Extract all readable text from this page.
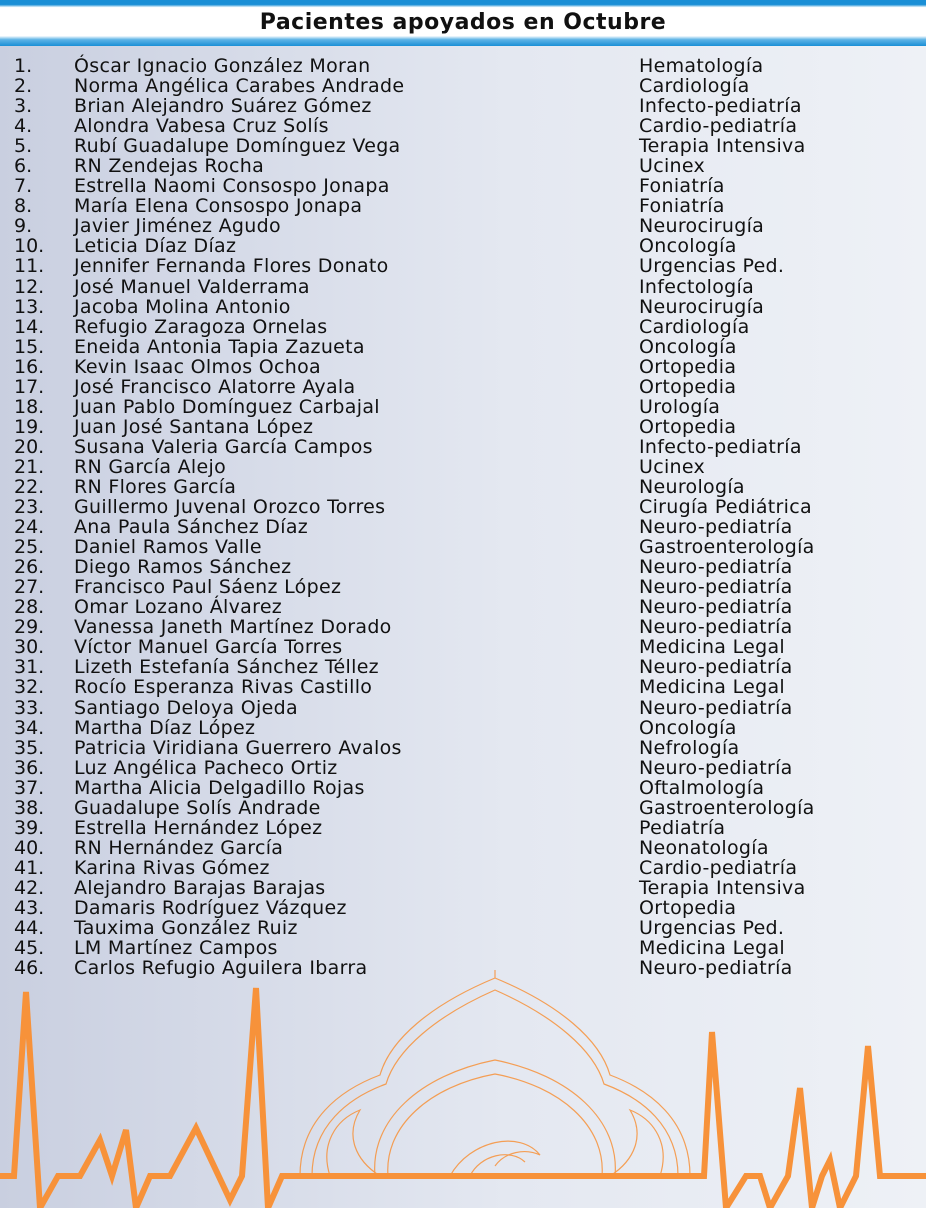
Pacientes apoyados en Octubre
1. Óscar Ignacio González Moran	Hematología
2. Norma Angélica Carabes Andrade	Cardiología
3. Brian Alejandro Suárez Gómez	Infecto-pediatría
4. Alondra Vabesa Cruz Solís	Cardio-pediatría
5. Rubí Guadalupe Domínguez Vega	Terapia Intensiva
6. RN Zendejas Rocha	Ucinex
7. Estrella Naomi Consospo Jonapa	Foniatría
8. María Elena Consospo Jonapa	Foniatría
9. Javier Jiménez Agudo	Neurocirugía
10. Leticia Díaz Díaz	Oncología
11. Jennifer Fernanda Flores Donato	Urgencias Ped.
12. José Manuel Valderrama	Infectología
13. Jacoba Molina Antonio	Neurocirugía
14. Refugio Zaragoza Ornelas	Cardiología
15. Eneida Antonia Tapia Zazueta	Oncología
16. Kevin Isaac Olmos Ochoa	Ortopedia
17. José Francisco Alatorre Ayala	Ortopedia
18. Juan Pablo Domínguez Carbajal	Urología
19. Juan José Santana López	Ortopedia
20. Susana Valeria García Campos	Infecto-pediatría
21. RN García Alejo	Ucinex
22. RN Flores García	Neurología
23. Guillermo Juvenal Orozco Torres	Cirugía Pediátrica
24. Ana Paula Sánchez Díaz	Neuro-pediatría
25. Daniel Ramos Valle	Gastroenterología
26. Diego Ramos Sánchez	Neuro-pediatría
27. Francisco Paul Sáenz López	Neuro-pediatría
28. Omar Lozano Álvarez	Neuro-pediatría
29. Vanessa Janeth Martínez Dorado	Neuro-pediatría
30. Víctor Manuel García Torres	Medicina Legal
31. Lizeth Estefanía Sánchez Téllez	Neuro-pediatría
32. Rocío Esperanza Rivas Castillo	Medicina Legal
33. Santiago Deloya Ojeda	Neuro-pediatría
34. Martha Díaz López	Oncología
35. Patricia Viridiana Guerrero Avalos	Nefrología
36. Luz Angélica Pacheco Ortiz	Neuro-pediatría
37. Martha Alicia Delgadillo Rojas	Oftalmología
38. Guadalupe Solís Andrade	Gastroenterología
39. Estrella Hernández López	Pediatría
40. RN Hernández García	Neonatología
41. Karina Rivas Gómez	Cardio-pediatría
42. Alejandro Barajas Barajas	Terapia Intensiva
43. Damaris Rodríguez Vázquez	Ortopedia
44. Tauxima González Ruiz	Urgencias Ped.
45. LM Martínez Campos	Medicina Legal
46. Carlos Refugio Aguilera Ibarra	Neuro-pediatría
